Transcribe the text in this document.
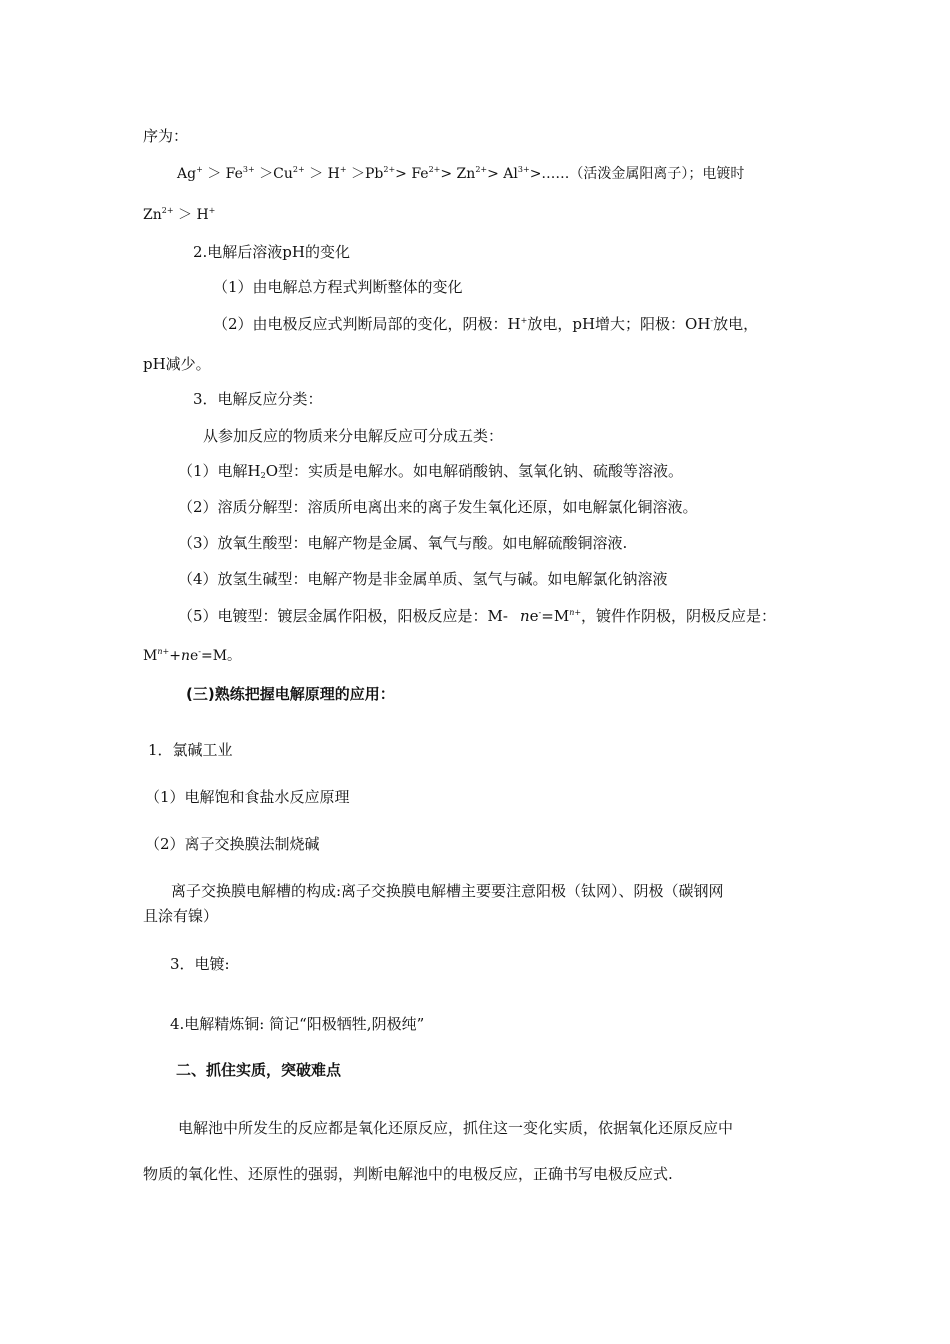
序为：
$Ag^+ > Fe^{3+} >Cu^{2+} > H^+ >Pb^{2+}> Fe^{2+}> Zn^{2+}>$ $Al^{3+}>\dots\dots$（活泼金属阳离子）；电镀时
$Zn^{2+} > H^+$
2.电解后溶液pH的变化
（1）由电解总方程式判断整体的变化
（2）由电极反应式判断局部的变化，阴极：H+放电，pH增大；阳极：OH-放电，
pH减少。
3．电解反应分类：
从参加反应的物质来分电解反应可分成五类：
（1）电解$H_2O$型：实质是电解水。如电解硝酸钠、氢氧化钠、硫酸等溶液。
（2）溶质分解型：溶质所电离出来的离子发生氧化还原，如电解氯化铜溶液。
（3）放氧生酸型：电解产物是金属、氧气与酸。如电解硫酸铜溶液.
（4）放氢生碱型：电解产物是非金属单质、氢气与碱。如电解氯化钠溶液
（5）电镀型：镀层金属作阳极，阳极反应是：M- $ne^-=M^{n+}$，镀件作阴极，阴极反应是：
$M^{n+}+ne^-=M$。
(三)熟练把握电解原理的应用：
1．氯碱工业
（1）电解饱和食盐水反应原理
（2）离子交换膜法制烧碱
离子交换膜电解槽的构成:离子交换膜电解槽主要要注意阳极（钛网）、阴极（碳钢网
且涂有镍）
3．电镀:
4.电解精炼铜: 简记“阳极牺牲,阴极纯”
二、抓住实质，突破难点
电解池中所发生的反应都是氧化还原反应，抓住这一变化实质，依据氧化还原反应中
物质的氧化性、还原性的强弱，判断电解池中的电极反应，正确书写电极反应式.
